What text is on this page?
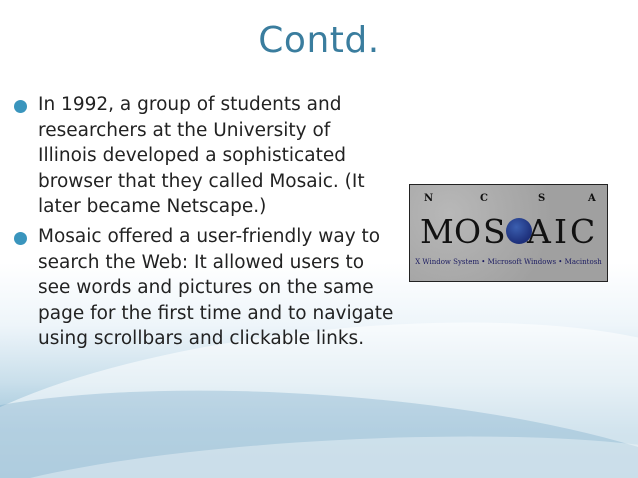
Contd.
In 1992, a group of students and researchers at the University of Illinois developed a sophisticated browser that they called Mosaic. (It later became Netscape.)
Mosaic offered a user-friendly way to search the Web: It allowed users to see words and pictures on the same page for the first time and to navigate using scrollbars and clickable links.
N	C	S	A
M O S A I C
X Window System • Microsoft Windows • Macintosh
